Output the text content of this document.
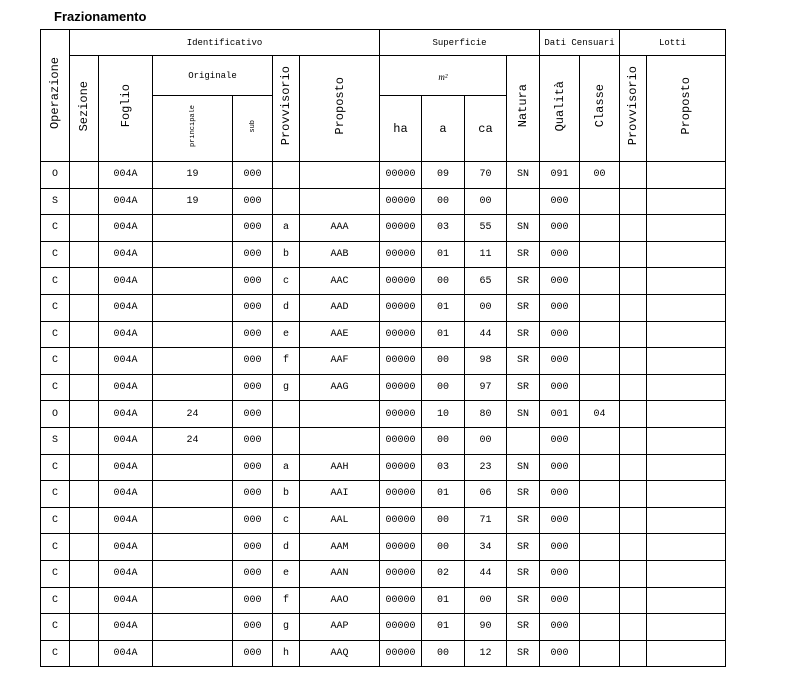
Frazionamento
Operazione	Identificativo						Superficie				Dati Censuari		Lotti	
	Sezione	Foglio	Originale		Provvisorio	Proposto	m²			Natura	Qualità	Classe	Provvisorio	Proposto
			principale	sub			ha	a	ca					

O		004A	19	000			00000	09	70	SN	091	00		
S		004A	19	000			00000	00	00		000			
C		004A		000	a	AAA	00000	03	55	SN	000			
C		004A		000	b	AAB	00000	01	11	SR	000			
C		004A		000	c	AAC	00000	00	65	SR	000			
C		004A		000	d	AAD	00000	01	00	SR	000			
C		004A		000	e	AAE	00000	01	44	SR	000			
C		004A		000	f	AAF	00000	00	98	SR	000			
C		004A		000	g	AAG	00000	00	97	SR	000			
O		004A	24	000			00000	10	80	SN	001	04		
S		004A	24	000			00000	00	00		000			
C		004A		000	a	AAH	00000	03	23	SN	000			
C		004A		000	b	AAI	00000	01	06	SR	000			
C		004A		000	c	AAL	00000	00	71	SR	000			
C		004A		000	d	AAM	00000	00	34	SR	000			
C		004A		000	e	AAN	00000	02	44	SR	000			
C		004A		000	f	AAO	00000	01	00	SR	000			
C		004A		000	g	AAP	00000	01	90	SR	000			
C		004A		000	h	AAQ	00000	00	12	SR	000			
